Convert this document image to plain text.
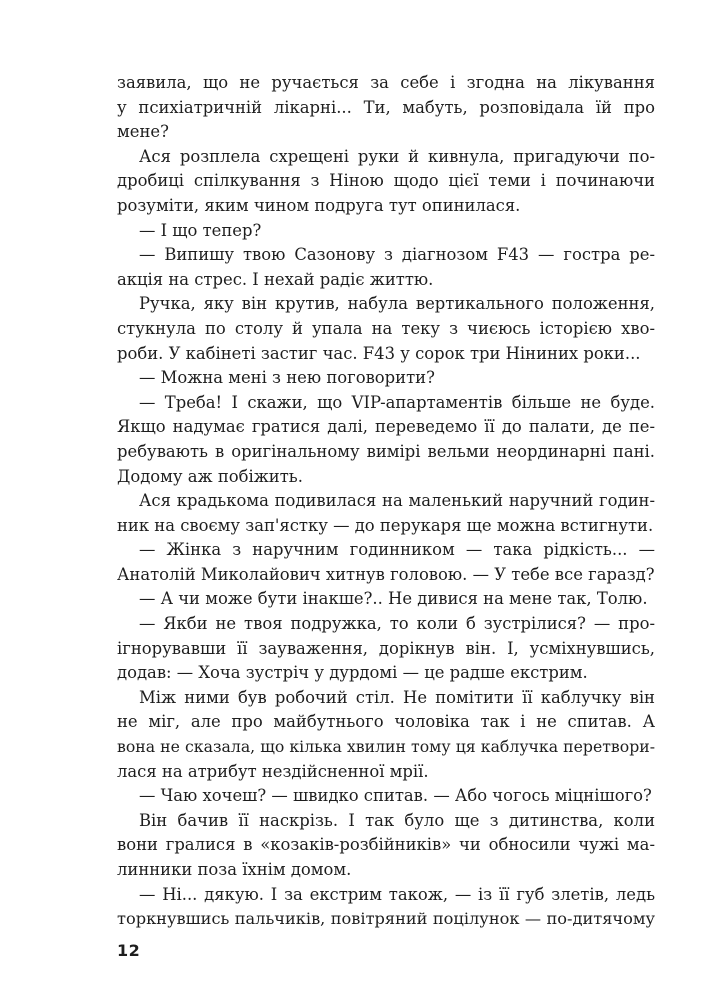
заявила, що не ручається за себе і згодна на лікування
у психіатричній лікарні... Ти, мабуть, розповідала їй про
мене?
Ася розплела схрещені руки й кивнула, пригадуючи по-
дробиці спілкування з Ніною щодо цієї теми і починаючи
розуміти, яким чином подруга тут опинилася.
— І що тепер?
— Випишу твою Сазонову з діагнозом F43 — гостра ре-
акція на стрес. І нехай радіє життю.
Ручка, яку він крутив, набула вертикального положення,
стукнула по столу й упала на теку з чиєюсь історією хво-
роби. У кабінеті застиг час. F43 у сорок три Ніниних роки...
— Можна мені з нею поговорити?
— Треба! І скажи, що VIP-апартаментів більше не буде.
Якщо надумає гратися далі, переведемо її до палати, де пе-
ребувають в оригінальному вимірі вельми неординарні пані.
Додому аж побіжить.
Ася крадькома подивилася на маленький наручний годин-
ник на своєму зап'ястку — до перукаря ще можна встигнути.
— Жінка з наручним годинником — така рідкість... —
Анатолій Миколайович хитнув головою. — У тебе все гаразд?
— А чи може бути інакше?.. Не дивися на мене так, Толю.
— Якби не твоя подружка, то коли б зустрілися? — про-
ігнорувавши її зауваження, дорікнув він. І, усміхнувшись,
додав: — Хоча зустріч у дурдомі — це радше екстрим.
Між ними був робочий стіл. Не помітити її каблучку він
не міг, але про майбутнього чоловіка так і не спитав. А
вона не сказала, що кілька хвилин тому ця каблучка перетвори-
лася на атрибут нездійсненної мрії.
— Чаю хочеш? — швидко спитав. — Або чогось міцнішого?
Він бачив її наскрізь. І так було ще з дитинства, коли
вони гралися в «козаків-розбійників» чи обносили чужі ма-
линники поза їхнім домом.
— Ні... дякую. І за екстрим також, — із її губ злетів, ледь
торкнувшись пальчиків, повітряний поцілунок — по-дитячому
12
